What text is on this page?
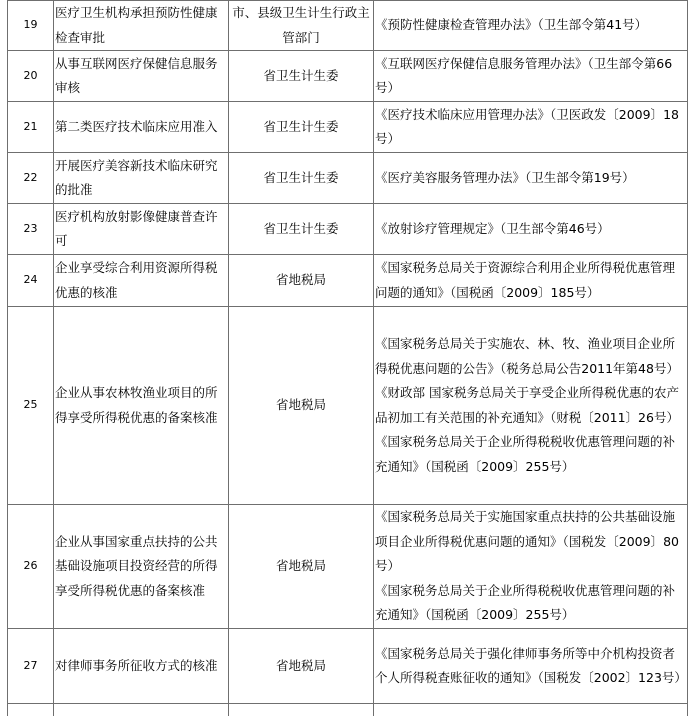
19	医疗卫生机构承担预防性健康检查审批	市、县级卫生计生行政主管部门	《预防性健康检查管理办法》（卫生部令第41号）

20	从事互联网医疗保健信息服务审核	省卫生计生委	《互联网医疗保健信息服务管理办法》（卫生部令第66号）

21	第二类医疗技术临床应用准入	省卫生计生委	《医疗技术临床应用管理办法》（卫医政发〔2009〕18号）

22	开展医疗美容新技术临床研究的批准	省卫生计生委	《医疗美容服务管理办法》（卫生部令第19号）

23	医疗机构放射影像健康普查许可	省卫生计生委	《放射诊疗管理规定》（卫生部令第46号）

24	企业享受综合利用资源所得税优惠的核准	省地税局	《国家税务总局关于资源综合利用企业所得税优惠管理问题的通知》（国税函〔2009〕185号）

25	企业从事农林牧渔业项目的所得享受所得税优惠的备案核准	省地税局	《国家税务总局关于实施农、林、牧、渔业项目企业所得税优惠问题的公告》（税务总局公告2011年第48号）
《财政部 国家税务总局关于享受企业所得税优惠的农产品初加工有关范围的补充通知》（财税〔2011〕26号）
《国家税务总局关于企业所得税税收优惠管理问题的补充通知》（国税函〔2009〕255号）

26	企业从事国家重点扶持的公共基础设施项目投资经营的所得享受所得税优惠的备案核准	省地税局	《国家税务总局关于实施国家重点扶持的公共基础设施项目企业所得税优惠问题的通知》（国税发〔2009〕80号）
《国家税务总局关于企业所得税税收优惠管理问题的补充通知》（国税函〔2009〕255号）

27	对律师事务所征收方式的核准	省地税局	《国家税务总局关于强化律师事务所等中介机构投资者个人所得税查账征收的通知》（国税发〔2002〕123号）
